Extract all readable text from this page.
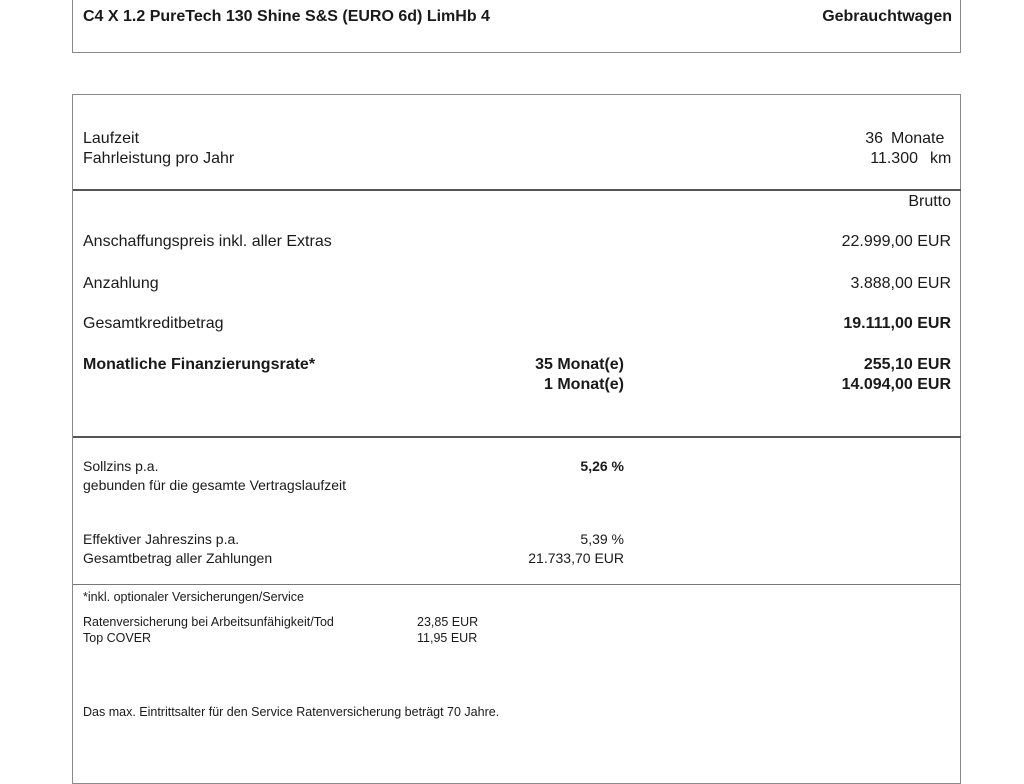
C4 X 1.2 PureTech 130 Shine S&S (EURO 6d) LimHb 4	Gebrauchtwagen
Laufzeit	36 Monate
Fahrleistung pro Jahr	11.300 km
Brutto
Anschaffungspreis inkl. aller Extras	22.999,00 EUR
Anzahlung	3.888,00 EUR
Gesamtkreditbetrag	19.111,00 EUR
Monatliche Finanzierungsrate*	35 Monat(e)	255,10 EUR
1 Monat(e)	14.094,00 EUR
Sollzins p.a.	5,26 %
gebunden für die gesamte Vertragslaufzeit
Effektiver Jahreszins p.a.	5,39 %
Gesamtbetrag aller Zahlungen	21.733,70 EUR
*inkl. optionaler Versicherungen/Service
Ratenversicherung bei Arbeitsunfähigkeit/Tod	23,85 EUR
Top COVER	11,95 EUR
Das max. Eintrittsalter für den Service Ratenversicherung beträgt 70 Jahre.
